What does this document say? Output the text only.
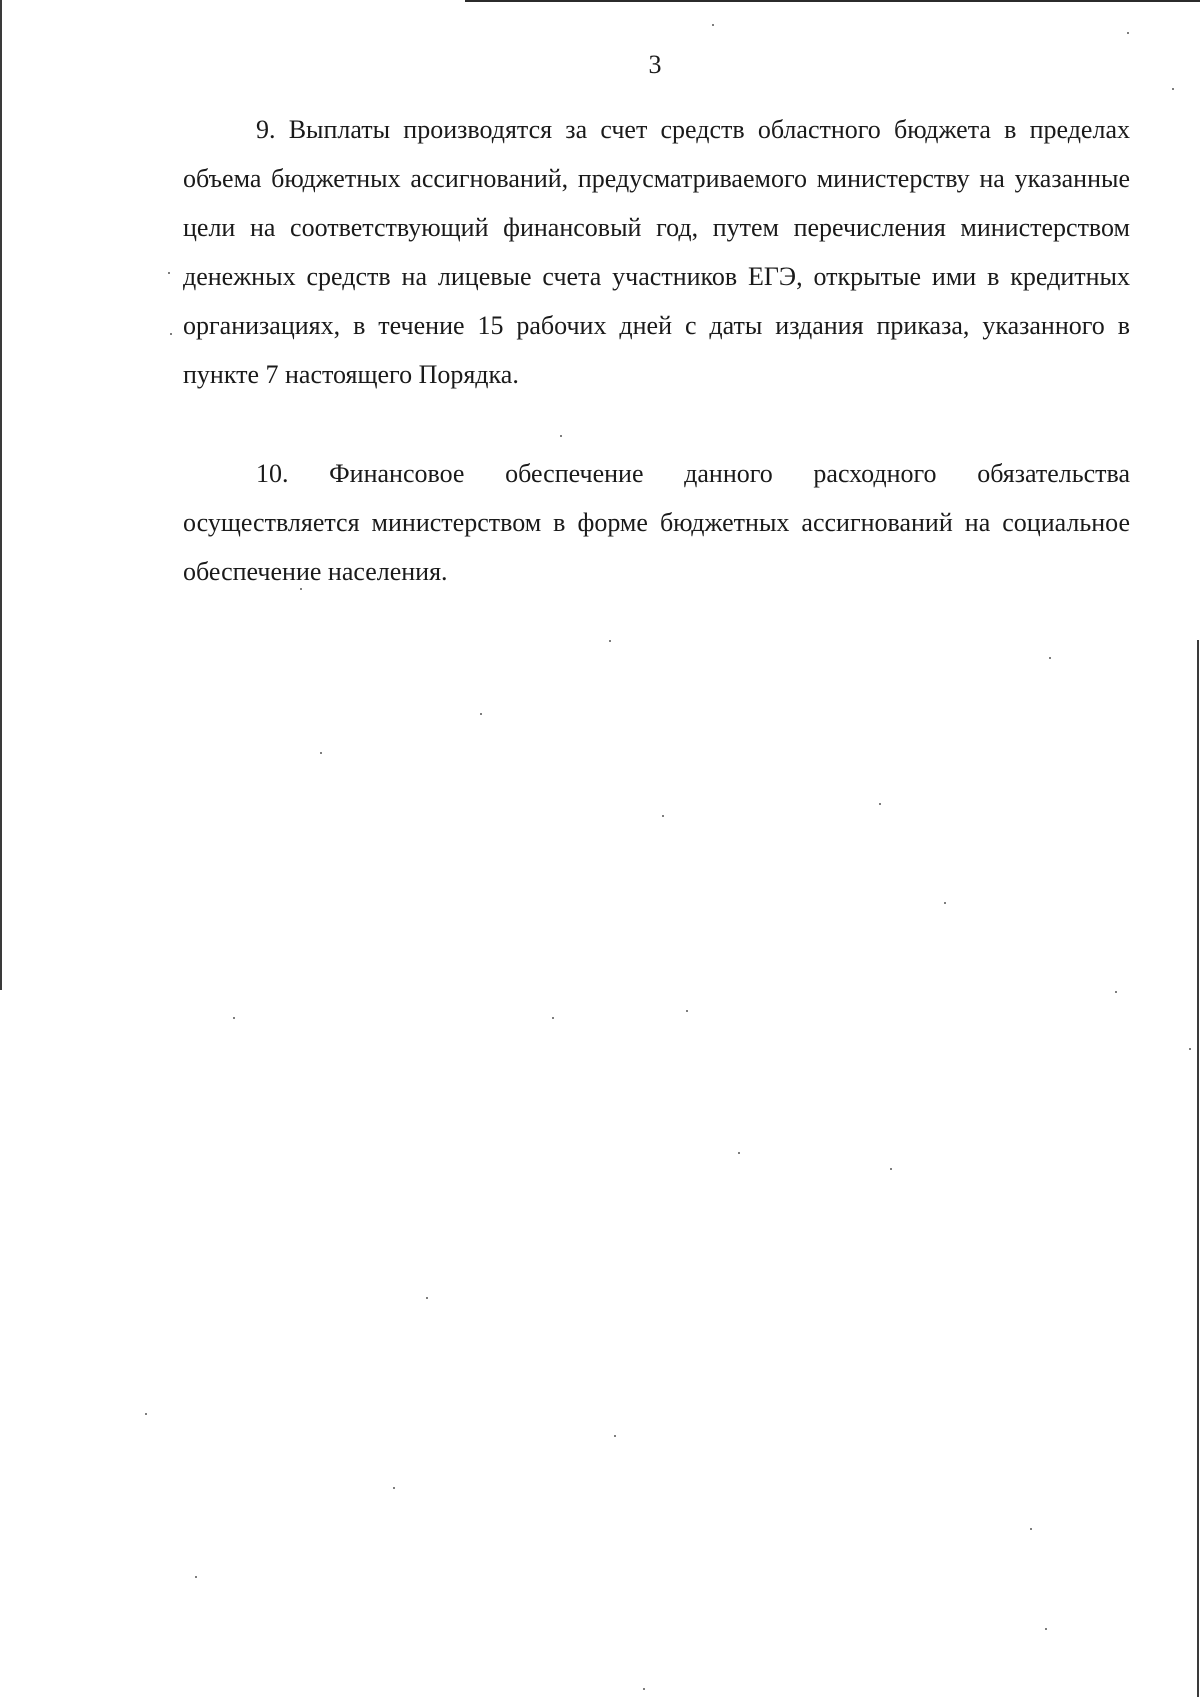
3

9. Выплаты производятся за счет средств областного бюджета в пределах объема бюджетных ассигнований, предусматриваемого министерству на указанные цели на соответствующий финансовый год, путем перечисления министерством денежных средств на лицевые счета участников ЕГЭ, открытые ими в кредитных организациях, в течение 15 рабочих дней с даты издания приказа, указанного в пункте 7 настоящего Порядка.

10. Финансовое обеспечение данного расходного обязательства осуществляется министерством в форме бюджетных ассигнований на социальное обеспечение населения.
